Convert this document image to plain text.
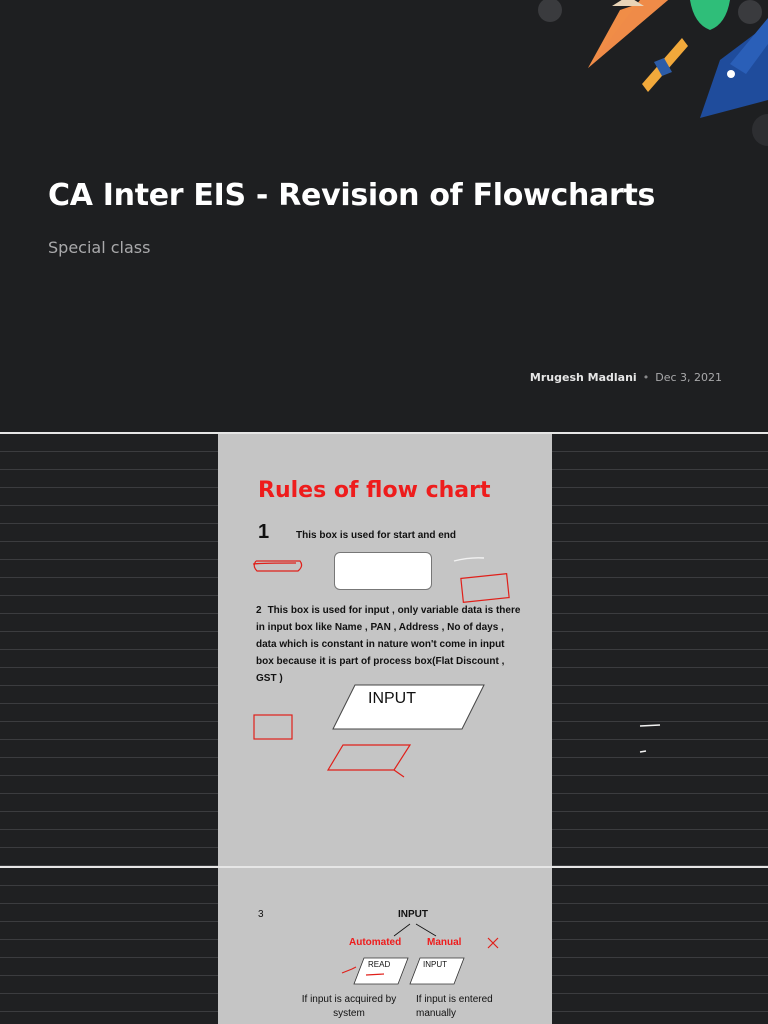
CA Inter EIS - Revision of Flowcharts
Special class
Mrugesh Madlani • Dec 3, 2021
Rules of flow chart
1	This box is used for start and end
2 This box is used for input , only variable data is there in input box like Name , PAN , Address , No of days , data which is constant in nature won't come in input box because it is part of process box(Flat Discount , GST )
INPUT
3	INPUT
Automated	Manual
READ	INPUT
If input is acquired by system
If input is entered manually
